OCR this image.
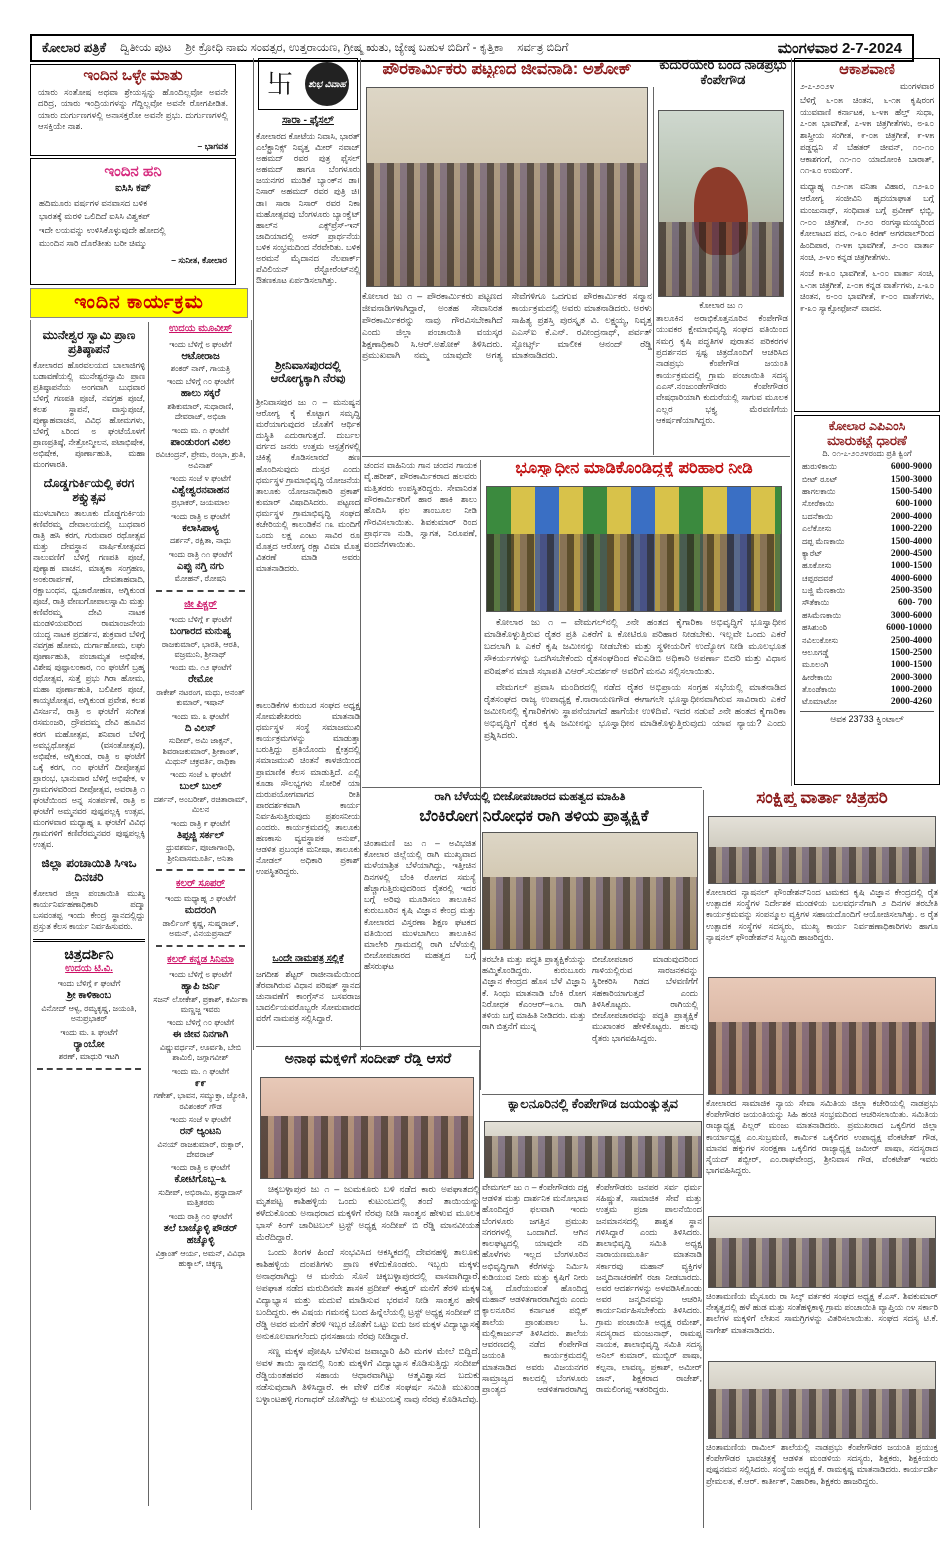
ಕೋಲಾರ ಪತ್ರಿಕೆ ದ್ವಿತೀಯ ಪುಟ ಶ್ರೀ ಕ್ರೋಧಿ ನಾಮ ಸಂವತ್ಸರ, ಉತ್ತರಾಯಣ, ಗ್ರೀಷ್ಮ ಋತು, ಜ್ಯೇಷ್ಠ ಬಹುಳ ಬಿದಿಗೆ - ಕೃತ್ತಿಕಾ ಸರ್ವತ್ರ ಬಿದಿಗೆ	ಮಂಗಳವಾರ 2-7-2024
ಇಂದಿನ ಒಳ್ಳೇ ಮಾತು
ಯಾರು ಸಂತೋಷ ಅಥವಾ ಶ್ರೇಯಸ್ಸನ್ನು ಹೊಂದಿಲ್ಲವೋ ಅವನೇ ದರಿದ್ರ, ಯಾರು ಇಂದ್ರಿಯಗಳನ್ನು ಗೆದ್ದಿಲ್ಲವೋ ಅವನೇ ರೋಗಪೀಡಿತ. ಯಾರು ದುರ್ಗುಣಗಳಲ್ಲಿ ಅನಾಸಕ್ತರೋ ಅವನೇ ಪ್ರಭು. ದುರ್ಗುಣಗಳಲ್ಲಿ ಆಸಕ್ತಿಯೇ ನಾಶ.
– ಭಾಗವತ
ಇಂದಿನ ಹನಿ
ಐಸಿಸಿ ಕಪ್
ಹದಿಮೂರು ವರ್ಷಗಳ ವನವಾಸದ ಬಳಿಕ
ಭಾರತಕ್ಕೆ ಮರಳಿ ಒಲಿದಿದೆ ಐಸಿಸಿ ವಿಶ್ವಕಪ್
ಇದೇ ಲಯವನ್ನು ಉಳಿಸಿಕೊಳ್ಳುವುದೇ ಹೋದಲ್ಲಿ
ಮುಂದಿನ ಸಾರಿ ದೊರೆತೀತು ಬರೀ ಚಿಮ್ಮು
– ಸುನೀತ, ಕೋಲಾರ
ಇಂದಿನ ಕಾರ್ಯಕ್ರಮ
ಮುನೇಶ್ವರ ಸ್ವಾಮಿ ಪ್ರಾಣ ಪ್ರತಿಷ್ಠಾಪನೆ
ಕೋಲಾರದ ಹೊರವಲಯದ ಬಾಲಾಜಿಗಳ್ಳಿ ಬಡಾವಣೆಯಲ್ಲಿ ಮುನೇಶ್ವರಸ್ವಾಮಿ ಪ್ರಾಣ ಪ್ರತಿಷ್ಠಾಪನೆಯ ಅಂಗವಾಗಿ ಬುಧವಾರ ಬೆಳಿಗ್ಗೆ ಗಣಪತಿ ಪೂಜೆ, ನವಗ್ರಹ ಪೂಜೆ, ಕಲಶ ಸ್ಥಾಪನೆ, ವಾಸ್ತುಪೂಜೆ, ಪುಣ್ಯಾಹವಾಚನ, ವಿವಿಧ ಹೋಮಗಳು, ಬೆಳಿಗ್ಗೆ ೬ರಿಂದ ೮ ಘಂಟೆಯೊಳಗೆ ಪ್ರಾಣಪ್ರತಿಷ್ಠೆ, ನೇತ್ರೋನ್ಮೀಲನ, ಪಟಾಭಿಷೇಕ, ಅಭಿಷೇಕ, ಪೂರ್ಣಾಹುತಿ, ಮಹಾ ಮಂಗಳಾರತಿ.
ದೊಡ್ಡಗುರ್ಕಿಯಲ್ಲಿ ಕರಗ ಶಕ್ತ್ಯುತ್ಸವ
ಮುಳಬಾಗಿಲು ತಾಲೂಕು ದೊಡ್ಡಗುರ್ಕಿಯ ಕಣಿವೆರಮ್ಮ ದೇವಾಲಯದಲ್ಲಿ ಬುಧವಾರ ರಾತ್ರಿ ಹಸಿ ಕರಗ, ಗುರುವಾರ ರಥೋತ್ಸವ ಮತ್ತು ದೇವಸ್ಥಾನ ವಾರ್ಷಿಕೋತ್ಸವದ ನಾಲುವಣಿಗೆ ಬೆಳಿಗ್ಗೆ ಗಣಪತಿ ಪೂಜೆ, ಪುಣ್ಯಾಹ ವಾಚನ, ಮಾತೃಕಾ ಸಂಗ್ರಹಣ, ಅಂಕುರಾರ್ಪಣೆ, ದೇವತಾಹವಾದಿ, ರಕ್ಷಾಬಂಧನ, ಧ್ವಜಾರೋಹಣ, ಅಗ್ನಿಕುಂಡ ಪೂಜೆ, ರಾತ್ರಿ ವೇಣುಗೋಪಾಲಸ್ವಾಮಿ ಮತ್ತು ಕಣಿವೆರಮ್ಮ ದೇವಿ ನಾಟಕ ಮಂಡಳಿಯವರಿಂದ ರಾಮಾಂಜನೇಯ ಯುದ್ಧ ನಾಟಕ ಪ್ರದರ್ಶನ, ಶುಕ್ರವಾರ ಬೆಳಿಗ್ಗೆ ನವಗ್ರಹ ಹೋಮ, ದುರ್ಗಾಹೋಮ, ಲಘು ಪೂರ್ಣಾಹುತಿ, ಪಂಚಾಮೃತ ಅಭಿಷೇಕ, ವಿಶೇಷ ಪುಷ್ಪಾಲಂಕಾರ, ೧೦ ಘಂಟೆಗೆ ಬ್ರಹ್ಮ ರಥೋತ್ಸವ, ಸುತ್ತೆ ಪ್ರಭು ಗಿರಾ ಹೋಮ, ಮಹಾ ಪೂರ್ಣಾಹುತಿ, ಬಲಿಪೀಠ ಪೂಜೆ, ಕಾಯ್ಕಟೋತ್ಸವ, ಅಗ್ನಿಕುಂಡ ಪ್ರವೇಶ, ಕಲಶ ವಿಸರ್ಜನೆ, ರಾತ್ರಿ ೮ ಘಂಟೆಗೆ ಸಂಗೀತ ರಸಮಂಜರಿ, ದ್ರೌಪದಮ್ಮ ದೇವಿ ಹೂವಿನ ಕರಗ ಮಹೋತ್ಸವ, ಶನಿವಾರ ಬೆಳಿಗ್ಗೆ ಅವಭೃಥೋತ್ಸವ (ವಸಂತೋತ್ಸವ), ಅಭಿಷೇಕ, ಅಗ್ನಿಕುಂಡ, ರಾತ್ರಿ ೮ ಘಂಟೆಗೆ ಒಕ್ಕೆ ಕರಗ, ೧೦ ಘಂಟೆಗೆ ದೀಪೋತ್ಸವ ಪ್ರಾರಂಭ, ಭಾನುವಾರ ಬೆಳಿಗ್ಗೆ ಅಭಿಷೇಕ, ೪ ಗ್ರಾಮಗಳವರಿಂದ ದೀಪೋತ್ಸವ, ಅವರಾತ್ರಿ ೧ ಘಂಟೆಯಿಂದ ಅನ್ನ ಸಂತರ್ಪಣೆ, ರಾತ್ರಿ ೮ ಘಂಟೆಗೆ ಅಮ್ಮನವರ ಪುಷ್ಪಪಲ್ಲಕ್ಕಿ ಉತ್ಸವ, ಮಂಗಳವಾರ ಮಧ್ಯಾಹ್ನ ೩ ಘಂಟೆಗೆ ವಿವಿಧ ಗ್ರಾಮಗಳಿಗೆ ಕಣಿವೆರಮ್ಮನವರ ಪುಷ್ಪಪಲ್ಲಕ್ಕಿ ಉತ್ಸವ.
ಜಿಲ್ಲಾ ಪಂಚಾಯಿತಿ ಸಿಇಒ ದಿನಚರಿ
ಕೋಲಾರ ಜಿಲ್ಲಾ ಪಂಚಾಯಿತಿ ಮುಖ್ಯ ಕಾರ್ಯನಿರ್ವಹಣಾಧಿಕಾರಿ ಪದ್ಮಾ ಬಸವಂತಪ್ಪ ಇಂದು ಕೇಂದ್ರ ಸ್ಥಾನದಲ್ಲಿದ್ದು ಪ್ರಸ್ತುತ ಕೆಲಸ ಕಾರ್ಯ ನಿರ್ವಹಿಸುವರು.
ಚಿತ್ರದರ್ಶಿನಿ
ಉದಯ ಟಿ.ವಿ.
ಇಂದು ಬೆಳಿಗ್ಗೆ ೯ ಘಂಟೆಗೆ
ಶ್ರೀ ಕಾಳಿಕಾಂಬ
ವಿನೋದ್ ಆಳ್ವ, ರಮ್ಯಕೃಷ್ಣ, ಜಯಂತಿ, ಅನುಪ್ರಭಾಕರ್
ಇಂದು ಮ. ೩ ಘಂಟೆಗೆ
ರ‍್ಯಾಂಬೋ
ಶರಣ್, ಮಾಧುರಿ ಇಟಗಿ
ಉದಯ ಮೂವೀಸ್
ಇಂದು ಬೆಳಿಗ್ಗೆ ೮ ಘಂಟೆಗೆ
ಆಟೋರಾಜ
ಶಂಕರ್ ನಾಗ್, ಗಾಯತ್ರಿ
ಇಂದು ಬೆಳಿಗ್ಗೆ ೧೦ ಘಂಟೆಗೆ
ಹಾಲು ಸಕ್ಕರೆ
ಶಶಿಕುಮಾರ್, ಸುಧಾರಾಣಿ, ದೇವರಾಜ್, ಅಭಿಜಾ
ಇಂದು ಮ. ೧ ಘಂಟೆಗೆ
ಪಾಂಡುರಂಗ ವಿಠಲ
ರವಿಚಂದ್ರನ್, ಪ್ರೇಮ, ರಂಭಾ, ಶ್ರುತಿ, ಅವಿನಾಶ್
ಇಂದು ಸಂಜೆ ೪ ಘಂಟೆಗೆ
ವಿಶ್ವೇಶ್ವರನವಾಹನ
ಪ್ರಭಾಕರ್, ಜಯಮಾಲ
ಇಂದು ರಾತ್ರಿ ೮ ಘಂಟೆಗೆ
ಕಲಾಸಿಪಾಳ್ಯ
ದರ್ಶನ್, ರಕ್ಷಿತಾ, ನಾಧು
ಇಂದು ರಾತ್ರಿ ೧೧ ಘಂಟೆಗೆ
ಎಪ್ಪು ನಗ್ತಿ ನಗು
ಮೋಹನ್, ರೋಷನಿ
ಜೀ ಪಿಕ್ಚರ್
ಇಂದು ಬೆಳಿಗ್ಗೆ ೯ ಘಂಟೆಗೆ
ಬಂಗಾರದ ಮನುಷ್ಯ
ರಾಜಕುಮಾರ್, ಭಾರತಿ, ಆರತಿ, ವಜ್ರಮುನಿ, ಶ್ರೀನಾಥ್
ಇಂದು ಮ. ೧೨ ಘಂಟೆಗೆ
ರೇಮೋ
ರಾಕೇಶ್ ನಟರಂಗ, ಮಧು, ಅನಂತ್ ಕುಮಾರ್, ಇಷಾನ್
ಇಂದು ಮ. ೩ ಘಂಟೆಗೆ
ದಿ ವಿಲನ್
ಸುದೀಪ್, ಅಮಿ ಜಾಕ್ಸನ್, ಶಿವರಾಜಕುಮಾರ್, ಶ್ರೀಕಾಂತ್, ಮಿಥುನ್ ಚಕ್ರವರ್ತಿ, ರಾಧಿಕಾ
ಇಂದು ಸಂಜೆ ೬ ಘಂಟೆಗೆ
ಬುಲ್ ಬುಲ್
ದರ್ಶನ್, ಅಂಬರೀಶ್, ರಚಿತಾರಾಮ್, ಮಿಲನ
ಇಂದು ರಾತ್ರಿ ೯ ಘಂಟೆಗೆ
ತಿಪ್ಪಜ್ಜಿ ಸರ್ಕಲ್
ಧ್ರುವಶರ್ಮ, ಪೂಜಾಗಾಂಧಿ, ಶ್ರೀನಿವಾಸಮೂರ್ತಿ, ಅನಿತಾ
ಕಲರ್ ಸೂಪರ್
ಇಂದು ಮಧ್ಯಾಹ್ನ ೨ ಘಂಟೆಗೆ
ಮದರಂಗಿ
ಡಾರ್ಲಿಂಗ್ ಕೃಷ್ಣ, ಸುಷ್ಮರಾಜ್, ಅಮನ್, ವಿನಯಪ್ರಸಾದ್
ಕಲರ್ ಕನ್ನಡ ಸಿನಿಮಾ
ಇಂದು ಬೆಳಿಗ್ಗೆ ೮ ಘಂಟೆಗೆ
ಹ್ಯಾಪಿ ಜರ್ನಿ
ಸಜನ್ ಲೋಕೇಶ್, ಪ್ರಕಾಶ್, ಕರ್ಮಿಕಾ ಮಣ್ಣಜ್ಜ ಇವರು
ಇಂದು ಬೆಳಿಗ್ಗೆ ೧೦ ಘಂಟೆಗೆ
ಈ ಜೀವ ನಿನಗಾಗಿ
ವಿಷ್ಣುವರ್ಧನ್, ಊರ್ವಶಿ, ಬೇಬಿ ಶಾಮಿಲಿ, ಜಗ್ಗಾಗವೀಶ್
ಇಂದು ಮ. ೧ ಘಂಟೆಗೆ
೯೯
ಗಣೇಶ್, ಭಾವನ, ಸಮ್ಯುಕ್ತಾ, ಜ್ಯೋತಿ, ರವಿಶಂಕರ್ ಗೌಡ
ಇಂದು ಸಂಜೆ ೪ ಘಂಟೆಗೆ
ರನ್ ಆ್ಯಂಟನಿ
ವಿನಯ್ ರಾಜಕುಮಾರ್, ರುಕ್ಸಾರ್, ದೇವರಾಜ್
ಇಂದು ರಾತ್ರಿ ೮ ಘಂಟೆಗೆ
ಕೋಟಿಗೊಬ್ಬ–೩
ಸುದೀಪ್, ಅಭಿರಾಮಿ, ಶ್ರದ್ಧಾದಾಸ್ ಮತ್ತಿತರರು
ಇಂದು ರಾತ್ರಿ ೧೦ ಘಂಟೆಗೆ
ತಲೆ ಬಾಚ್ಕೊಳ್ಳಿ ಪೌಡರ್ ಹಚ್ಕೊಳ್ಳಿ
ವಿಕ್ರಾಂತ್ ಆರ್ಯ, ಅಮನ್, ವಿವಿಧಾ ಹುಕ್ಕಾಲ್, ಚಿಕ್ಕಣ್ಣ
卐	ಶುಭ ವಿವಾಹ
ಸಾರಾ - ಫೈಸಲ್
ಕೋಲಾರದ ಕೋಟೆಯ ನಿವಾಸಿ, ಭಾರತ್ ಎಲೆಕ್ಟ್ರಾನಿಕ್ಸ್ ನಿವೃತ್ತ ಮೀರ್ ನವಾಜ್ ಅಹಮದ್ ರವರ ಪುತ್ರ ಫೈಸಲ್ ಅಹಮದ್ ಹಾಗೂ ಬೆಂಗಳೂರು ಜಯನಗರ ಮುಡಿಕೆ ಬ್ಯಾಂಕ್‌ನ ಡಾ। ನಿಸಾರ್ ಅಹಮದ್ ರವರ ಪುತ್ರಿ ಚಿ। ಡಾ। ಸಾರಾ ನಿಸಾರ್ ರವರ ನಿಕಾ ಮಹೋತ್ಸವವು ಬೆಂಗಳೂರು ಬ್ಯಾಂಕ್ವೆಟ್ ಹಾಲ್‌ನ ಎಕ್ಸ್‌ಪ್ರೆಸ್-ಇನ್ ಜಾದಿಯಾದಲ್ಲಿ ಅಸರ್ ಪ್ರಾರ್ಥನೆಯ ಬಳಿಕ ಸಂಭ್ರಮದಿಂದ ನೆರವೇರಿತು. ಬಳಿಕ ಅರಮನೆ ಮೈದಾನದ ನೆಲಪಾರ್ಕ್ ಪೆವಿಲಿಯನ್ ರೆಸ್ಟೋರೆಂಟ್‌ನಲ್ಲಿ ಔತಣಕೂಟ ಏರ್ಪಡಿಸಲಾಗಿತ್ತು.
ಶ್ರೀನಿವಾಸಪುರದಲ್ಲಿ ಆರೋಗ್ಯಕ್ಕಾಗಿ ನೆರವು
ಶ್ರೀನಿವಾಸಪುರ ಜು ೧ – ಮನುಷ್ಯನ ಆರೋಗ್ಯ ಕೈ ಕೊಟ್ಟಾಗ ಸಮೃದ್ಧಿ ಮರೆಯಾಗುವುದರ ಜೊತೆಗೆ ಆರ್ಥಿಕ ದುಸ್ಥಿತಿ ಎದುರಾಗುತ್ತದೆ. ದುರ್ಬಲ ವರ್ಗದ ಜನರು ಉತ್ತಮ ಆಸ್ಪತ್ರೆಗಳಲ್ಲಿ ಚಿಕಿತ್ಸೆ ಕೊಡಿಸಲಾರದೆ ಹಣ ಹೊಂದಿಸುವುದು ದುಸ್ತರ ಎಂದು ಧರ್ಮಸ್ಥಳ ಗ್ರಾಮಾಭಿವೃದ್ಧಿ ಯೋಜನೆಯ ತಾಲೂಕು ಯೋಜನಾಧಿಕಾರಿ ಪ್ರಕಾಶ್ ಕುಮಾರ್ ವಿಷಾದಿಸಿದರು. ಪಟ್ಟಣದ ಧರ್ಮಸ್ಥಳ ಗ್ರಾಮಾಭಿವೃದ್ಧಿ ಸಂಘದ ಕಚೇರಿಯಲ್ಲಿ ಕಾಲುಡಿಕೆನ ೧೩ ಮಂದಿಗೆ ಒಂದು ಲಕ್ಷ ಎಂಟು ಸಾವಿರ ರೂ ಮೊತ್ತದ ಆರೋಗ್ಯ ರಕ್ಷಾ ವಿಮಾ ಮೊತ್ತ ವಿತರಣೆ ಮಾಡಿ ಅವರು ಮಾತನಾಡಿದರು.
ಕಾಲುಡಿಕೆಗಳ ಕುರುಬರ ಸಂಘದ ಅಧ್ಯಕ್ಷ ಸೋಮಶೇಖರರು ಮಾತನಾಡಿ ಧರ್ಮಸ್ಥಳ ಸಂಸ್ಥೆ ಸಮಾಜಮುಖಿ ಕಾರ್ಯಕ್ರಮಗಳನ್ನು ಮಾಡುತ್ತಾ ಬರುತ್ತಿದ್ದು ಪ್ರತಿಯೊಂದು ಕ್ಷೇತ್ರದಲ್ಲಿ ಸಮಾಜಮುಖಿ ಚಿಂತನೆ ಕಾಳಜಿಯಿಂದ ಪ್ರಾಮಾಣಿಕ ಕೆಲಸ ಮಾಡುತ್ತಿದೆ. ಎಲ್ಲಿ ಕೂಡಾ ಸೌಲಭ್ಯಗಳು ಸೋರಿಕೆ ಯಾ ದುರುಪಯೋಗವಾಗದ ರೀತಿ ಪಾರದರ್ಶಕವಾಗಿ ಕಾರ್ಯ ನಿರ್ವಹಿಸುತ್ತಿರುವುದು ಪ್ರಶಂಸನೀಯ ಎಂದರು. ಕಾರ್ಯಕ್ರಮದಲ್ಲಿ ತಾಲೂಕು ಹಣಕಾಸು ವ್ಯವಸ್ಥಾಪಕ ಅನುಪ್, ಆಡಳಿತ ಪ್ರಬಂಧಕ ಮನೀಷಾ, ತಾಲೂಕು ನೋಡಲ್ ಅಧಿಕಾರಿ ಪ್ರಕಾಶ್ ಉಪಸ್ಥಿತರಿದ್ದರು.
ಒಂದೇ ನಾಮಪತ್ರ ಸಲ್ಲಿಕೆ
ಜಗದೀಶ ಶೆಟ್ಟರ್ ರಾಜೀನಾಮೆಯಿಂದ ತೆರವಾಗಿರುವ ವಿಧಾನ ಪರಿಷತ್ ಸ್ಥಾನದ ಚುನಾವಣೆಗೆ ಕಾಂಗ್ರೆಸ್‌ನ ಬಸವರಾಜ ಬಾದರ್ಲಿಯವರೊಬ್ಬರೇ ಸೋಮವಾರದ ವರೆಗೆ ನಾಮಪತ್ರ ಸಲ್ಲಿಸಿದ್ದಾರೆ.
ಪೌರಕಾರ್ಮಿಕರು ಪಟ್ಟಣದ ಜೀವನಾಡಿ: ಅಶೋಕ್
ಕೋಲಾರ ಜು ೧ – ಪೌರಕಾರ್ಮಿಕರು ಪಟ್ಟಣದ ಜೀವನಾಡಿಗಳಾಗಿದ್ದಾರೆ, ಅಂತಹ ಸೇವಾನಿರತ ಪೌರಕಾರ್ಮಿಕರನ್ನು ನಾವು ಗೌರವಿಸಬೇಕಾಗಿದೆ ಎಂದು ಜಿಲ್ಲಾ ಪಂಚಾಯಿತಿ ವಯಸ್ಕರ ಶಿಕ್ಷಣಾಧಿಕಾರಿ ಸಿ.ಆರ್.ಅಶೋಕ್ ತಿಳಿಸಿದರು. ಪ್ರಮುಖವಾಗಿ ನಮ್ಮ ಯಾವುದೇ ಅಗತ್ಯ ಸೇವೆಗಳಿಗೂ ಒದಗುವ ಪೌರಕಾರ್ಮಿಕರ ಸನ್ಮಾನ ಕಾರ್ಯಕ್ರಮದಲ್ಲಿ ಅವರು ಮಾತನಾಡಿದರು. ಅರಳು ಸಾಹಿತ್ಯ ಪ್ರಶಸ್ತಿ ಪುರಸ್ಕೃತ ವಿ. ಲಕ್ಷ್ಮಯ್ಯ, ನಿವೃತ್ತ ಎಎಸ್‌ಐ ಕೆ.ಎನ್. ರವೀಂದ್ರನಾಥ್, ಪರ್ವತ್ ಸ್ಪೋರ್ಟ್ಸ್ ಮಾಲೀಕ ಆನಂದ್ ರೆಡ್ಡಿ ಮಾತನಾಡಿದರು.
ಚಂದನ ವಾಹಿನಿಯ ಗಾನ ಚಂದನ ಗಾಯಕ ವೈ.ಹರೀಶ್, ಪೌರಕಾರ್ಮಿಕರಾದ ಹಲವರು ಮತ್ತಿತರರು ಉಪಸ್ಥಿತರಿದ್ದರು. ಸೇವಾನಿರತ ಪೌರಕಾರ್ಮಿಕರಿಗೆ ಹಾರ ಹಾಕಿ ಶಾಲು ಹೊದಿಸಿ ಫಲ ತಾಂಬೂಲ ನೀಡಿ ಗೌರವಿಸಲಾಯಿತು. ಶಿವಕುಮಾರ್ ರಿಂದ ಪ್ರಾರ್ಥನಾ ನುಡಿ, ಸ್ವಾಗತ, ನಿರೂಪಣೆ, ವಂದನೆಗಳಾಯಿತು.
ಕುದುರೆಯೇರಿ ಬಂದ ನಾಡಪ್ರಭು ಕೆಂಪೇಗೌಡ
ಕೋಲಾರ ಜು ೧
ತಾಲೂಕಿನ ಅರಾಭಿಕೊತ್ತನೂರಿನ ಕೆಂಪೇಗೌಡ ಯುವಕರ ಕ್ಷೇಮಾಭಿವೃದ್ಧಿ ಸಂಘದ ವತಿಯಿಂದ ಸಮಗ್ರ ಕೃಷಿ ಪದ್ಧತಿಗಳ ಪುರಾತನ ಪರಿಕರಗಳ ಪ್ರದರ್ಶನದ ಸ್ಪಷ್ಟ ಚಿತ್ರದೊಂದಿಗೆ ಆಚರಿಸಿದ ನಾಡಪ್ರಭು ಕೆಂಪೇಗೌಡ ಜಯಂತಿ ಕಾರ್ಯಕ್ರಮದಲ್ಲಿ ಗ್ರಾಮ ಪಂಚಾಯಿತಿ ಸದಸ್ಯ ಎಎಸ್.ನಂಜುಂಡೇಗೌಡರು ಕೆಂಪೇಗೌಡರ ವೇಷಧಾರಿಯಾಗಿ ಕುದುರೆಯಲ್ಲಿ ಸಾಗುವ ಮೂಲಕ ಎಲ್ಲರ ಭಕ್ತ್ಯ ಮೆರವಣಿಗೆಯ ಆಕರ್ಷಣೆಯಾಗಿದ್ದರು.
ಭೂಸ್ವಾಧೀನ ಮಾಡಿಕೊಂಡಿದ್ದಕ್ಕೆ ಪರಿಹಾರ ನೀಡಿ

ಕೋಲಾರ ಜು ೧ – ವೇಮಗಲ್‌ನಲ್ಲಿ ೨ನೇ ಹಂತದ ಕೈಗಾರಿಕಾ ಅಭಿವೃದ್ಧಿಗೆ ಭೂಸ್ವಾಧೀನ ಮಾಡಿಕೊಳ್ಳುತ್ತಿರುವ ರೈತರ ಪ್ರತಿ ಎಕರೆಗೆ ೩ ಕೋಟಿರೂ ಪರಿಹಾರ ನೀಡಬೇಕು. ಇಲ್ಲವೇ ಒಂದು ಎಕರೆ ಬದಲಾಗಿ ೩ ಎಕರೆ ಕೃಷಿ ಜಮೀನನ್ನು ನೀಡಬೇಕು ಮತ್ತು ಸ್ಥಳೀಯರಿಗೆ ಉದ್ಯೋಗ ನೀಡಿ ಮೂಲಭೂತ ಸೌಕರ್ಯಗಳನ್ನು ಒದಗಿಸಬೇಕೆಂದು ರೈತಸಂಘದಿಂದ ಕೆಐಎಡಿಬಿ ಅಧಿಕಾರಿ ಅಪರ್ಣಾ ಬಿದರಿ ಮತ್ತು ವಿಧಾನ ಪರಿಷತ್‌ನ ಮಾಜಿ ಸಭಾಪತಿ ವಿಆರ್.ಸುದರ್ಶನ್ ಅವರಿಗೆ ಮನವಿ ಸಲ್ಲಿಸಲಾಯಿತು.

ವೇಮಗಲ್ ಪ್ರವಾಸಿ ಮಂದಿರದಲ್ಲಿ ನಡೆದ ರೈತರ ಅಭಿಪ್ರಾಯ ಸಂಗ್ರಹ ಸಭೆಯಲ್ಲಿ ಮಾತನಾಡಿದ ರೈತಸಂಘದ ರಾಜ್ಯ ಉಪಾಧ್ಯಕ್ಷ ಕೆ.ನಾರಾಯಣಗೌಡ ಈಗಾಗಲೇ ಭೂಸ್ವಾಧೀನವಾಗಿರುವ ಸಾವಿರಾರು ಎಕರೆ ಜಮೀನಿನಲ್ಲಿ ಕೈಗಾರಿಕೆಗಳು ಸ್ಥಾಪನೆಯಾಗದೆ ಹಾಗೆಯೇ ಉಳಿದಿವೆ. ಇದರ ನಡುವೆ ೨ನೇ ಹಂತದ ಕೈಗಾರಿಕಾ ಅಭಿವೃದ್ಧಿಗೆ ರೈತರ ಕೃಷಿ ಜಮೀನನ್ನು ಭೂಸ್ವಾಧೀನ ಮಾಡಿಕೊಳ್ಳುತ್ತಿರುವುದು ಯಾವ ನ್ಯಾಯ? ಎಂದು ಪ್ರಶ್ನಿಸಿದರು.

ರಾಗಿ ಬೆಳೆಯಲ್ಲಿ ಬೀಜೋಪಚಾರದ ಮಹತ್ವದ ಮಾಹಿತಿ
ಬೆಂಕಿರೋಗ ನಿರೋಧಕ ರಾಗಿ ತಳಿಯ ಪ್ರಾತ್ಯಕ್ಷಿಕೆ
ಚಿಂತಾಮಣಿ ಜು ೧ – ಅವಿಭಜಿತ ಕೋಲಾರ ಜಿಲ್ಲೆಯಲ್ಲಿ ರಾಗಿ ಮುಖ್ಯವಾದ ಮಳೆಯಾಶ್ರಿತ ಬೆಳೆಯಾಗಿದ್ದು, ಇತ್ತೀಚಿನ ದಿನಗಳಲ್ಲಿ ಬೆಂಕಿ ರೋಗದ ಸಮಸ್ಯೆ ಹೆಚ್ಚಾಗುತ್ತಿರುವುದರಿಂದ ರೈತರಲ್ಲಿ ಇದರ ಬಗ್ಗೆ ಅರಿವು ಮೂಡಿಸಲು ತಾಲೂಕಿನ ಕುರುಬೂರಿನ ಕೃಷಿ ವಿಜ್ಞಾನ ಕೇಂದ್ರ ಮತ್ತು ಕೋಲಾರದ ವಿಸ್ತರಣಾ ಶಿಕ್ಷಣ ಘಟಕದ ವತಿಯಿಂದ ಮುಳಬಾಗಿಲು ತಾಲೂಕಿನ ಮಾಲೇರಿ ಗ್ರಾಮದಲ್ಲಿ ರಾಗಿ ಬೆಳೆಯಲ್ಲಿ ಬೀಜೋಪಚಾರದ ಮಹತ್ವದ ಬಗ್ಗೆ ಹೆಸರುಘಟ
ತರಬೇತಿ ಮತ್ತು ಪದ್ಧತಿ ಪ್ರಾತ್ಯಕ್ಷಿಕೆಯನ್ನು ಹಮ್ಮಿಕೊಂಡಿದ್ದರು. ಕುರುಬೂರು ವಿಜ್ಞಾನ ಕೇಂದ್ರದ ಹೊಸ ಬೆಳೆ ವಿಜ್ಞಾನಿ ಕೆ. ಸಿಂಧು ಮಾತನಾಡಿ ಬೆಂಕಿ ರೋಗ ನಿರೋಧಕ ಕೆಎಂಆರ್–೩೧೬ ರಾಗಿ ತಳಿಯ ಬಗ್ಗೆ ಮಾಹಿತಿ ನೀಡಿದರು. ಮತ್ತು ರಾಗಿ ಬಿತ್ತನೆಗೆ ಮುನ್ನ
ಬೀಜೋಪಚಾರ ಮಾಡುವುದರಿಂದ ಗಾಳಿಯಲ್ಲಿರುವ ಸಾರಜನಕವನ್ನು ಸ್ಥಿರೀಕರಿಸಿ ಗಿಡದ ಬೆಳವಣಿಗೆಗೆ ಸಹಕಾರಿಯಾಗುತ್ತದೆ ಎಂದು ತಿಳಿಸಿಕೊಟ್ಟರು. ರಾಗಿಯಲ್ಲಿ ಬೀಜೋಪಚಾರವನ್ನು ಪದ್ಧತಿ ಪ್ರಾತ್ಯಕ್ಷಿಕೆ ಮುಖಾಂತರ ಹೇಳಿಕೊಟ್ಟರು. ಹಲವು ರೈತರು ಭಾಗವಹಿಸಿದ್ದರು.
ಅನಾಥ ಮಕ್ಕಳಿಗೆ ಸಂದೀಪ್ ರೆಡ್ಡಿ ಆಸರೆ

ಚಿಕ್ಕಬಳ್ಳಾಪುರ ಜು ೧ – ಜುಮಕೂರು ಬಳಿ ನಡೆದ ಕಾರು ಅಪಘಾತದಲ್ಲಿ ಮೃತಪಟ್ಟ ಕಾಶಿಹಳ್ಳಿಯ ಒಂದು ಕುಟುಂಬದಲ್ಲಿ ತಂದೆ ತಾಯಿಯನ್ನು ಕಳೆದುಕೊಂಡು ಅನಾಥರಾದ ಮಕ್ಕಳಿಗೆ ನೆರವು ನೀಡಿ ಸಾಂತ್ವನ ಹೇಳುವ ಮೂಲಕ ಭಾಸ್ ಕಿಂಗ್ ಚಾರಿಟಬಲ್ ಟ್ರಸ್ಟ್ ಅಧ್ಯಕ್ಷ ಸಂದೀಪ್ ಬಿ ರೆಡ್ಡಿ ಮಾನವೀಯತೆ ಮೆರೆದಿದ್ದಾರೆ.

ಒಂದು ತಿಂಗಳ ಹಿಂದೆ ಸಂಭವಿಸಿದ ಆಕಸ್ಮಿಕದಲ್ಲಿ ದೇವನಹಳ್ಳಿ ತಾಲೂಕು ಕಾಶಿಹಳ್ಳಿಯ ದಂಪತಿಗಳು ಪ್ರಾಣ ಕಳೆದುಕೊಂಡರು. ಇಬ್ಬರು ಮಕ್ಕಳು ಅನಾಥರಾಗಿದ್ದು ಆ ಮನೆಯ ಸೊಸೆ ಚಿಕ್ಕಬಳ್ಳಾಪುರದಲ್ಲಿ ವಾಸವಾಗಿದ್ದಾರೆ. ಅಪಘಾತ ನಡೆದ ಮರುದಿನವೇ ಶಾಸಕ ಪ್ರದೀಪ್ ಈಶ್ವರ್ ಮನೆಗೆ ತೆರಳಿ ಮಕ್ಕಳ ವಿದ್ಯಾಭ್ಯಾಸ ಮತ್ತು ಮದುವೆ ಮಾಡಿಸುವ ಭರವಸೆ ನೀಡಿ ಸಾಂತ್ವನ ಹೇಳಿ ಬಂದಿದ್ದರು. ಈ ವಿಷಯ ಗಮನಕ್ಕೆ ಬಂದ ಹಿನ್ನೆಲೆಯಲ್ಲಿ ಟ್ರಸ್ಟ್ ಅಧ್ಯಕ್ಷ ಸಂದೀಪ್ ಬಿ ರೆಡ್ಡಿ ಅವರ ಮನೆಗೆ ತೆರಳಿ ಇಬ್ಬರ ಜೊತೆಗೆ ಒಟ್ಟು ಐದು ಜನ ಮಕ್ಕಳ ವಿದ್ಯಾಭ್ಯಾಸಕ್ಕೆ ಅನುಕೂಲವಾಗಲೆಂದು ಧನಸಹಾಯ ನೆರವು ನೀಡಿದ್ದಾರೆ.

ಸಣ್ಣ ಮಕ್ಕಳ ಪೋಷಿಸಿ ಬೆಳೆಸುವ ಜವಾಬ್ದಾರಿ ಹಿರಿ ಮಗಳ ಮೇಲೆ ಬಿದ್ದಿದೆ. ಅವಳ ತಾಯಿ ಸ್ಥಾನದಲ್ಲಿ ನಿಂತು ಮಕ್ಕಳಿಗೆ ವಿದ್ಯಾಭ್ಯಾಸ ಕೊಡಿಸುತ್ತಿದ್ದು ಸಂದೀಪ್ ರೆಡ್ಡಿಯಂತಹವರ ಸಹಾಯ ಆಧಾರವಾಗಿಟ್ಟು ಆತ್ಮವಿಶ್ವಾಸದ ಬದುಕು ನಡೆಸುವುದಾಗಿ ತಿಳಿಸಿದ್ದಾರೆ. ಈ ವೇಳೆ ದಲಿತ ಸಂಘರ್ಷ ಸಮಿತಿ ಮುಖಂಡ ಬಳ್ಳಾಂಟಹಳ್ಳಿ ಗಂಗಾಧರ್ ಜೊತೆಗಿದ್ದು ಆ ಕುಟುಂಬಕ್ಕೆ ನಾವು ನೆರವು ಕೊಡಿಸಿದೆವು.

ಕ್ಯಾಲನೂರಿನಲ್ಲಿ ಕೆಂಪೇಗೌಡ ಜಯಂತ್ಯುತ್ಸವ
ವೇಮಗಲ್ ಜು ೧ – ಕೆಂಪೇಗೌಡರು ದಕ್ಷ ಆಡಳಿತ ಮತ್ತು ದಾರ್ಶನಿಕ ಮನೋಭಾವ ಹೊಂದಿದ್ದರ ಫಲವಾಗಿ ಇಂದು ಬೆಂಗಳೂರು ಜಗತ್ತಿನ ಪ್ರಮುಖ ನಗರಗಳಲ್ಲಿ ಒಂದಾಗಿದೆ. ಆಗಿನ ಕಾಲಘಟ್ಟದಲ್ಲಿ ಯಾವುದೇ ನದಿ ಹೊಳೆಗಳು ಇಲ್ಲದ ಬೆಂಗಳೂರಿನ ಅಭಿವೃದ್ಧಿಗಾಗಿ ಕೆರೆಗಳನ್ನು ನಿರ್ಮಿಸಿ ಕುಡಿಯುವ ನೀರು ಮತ್ತು ಕೃಷಿಗೆ ನೀರು ನಿತ್ಯ ದೊರೆಯುವಂತೆ ಹೊಂದಿದ್ದ ಮಹಾನ್ ಆಡಳಿತಗಾರರಾಗಿದ್ದರು ಎಂದು ಕ್ಯಾಲನೂರಿನ ಕರ್ನಾಟಕ ಪಬ್ಲಿಕ್ ಶಾಲೆಯ ಪ್ರಾಂಶುಪಾಲ ಓ. ಮಲ್ಲಿಕಾರ್ಜುನ್ ತಿಳಿಸಿದರು. ಶಾಲೆಯ ಆವರಣದಲ್ಲಿ ನಡೆದ ಕೆಂಪೇಗೌಡ ಜಯಂತಿ ಕಾರ್ಯಕ್ರಮದಲ್ಲಿ ಮಾತನಾಡಿದ ಅವರು ವಿಜಯನಗರ ಸಾಮ್ರಾಜ್ಯದ ಕಾಲದಲ್ಲಿ ಬೆಂಗಳೂರು ಪ್ರಾಂತ್ಯದ ಆಡಳಿತಗಾರರಾಗಿದ್ದ ಕೆಂಪೇಗೌಡರು ಜನಪರ ಸರ್ವ ಧರ್ಮ ಸಹಿಷ್ಣುತೆ, ಸಾಮಾಜಿಕ ಸೇವೆ ಮತ್ತು ಉತ್ತಮ ಪ್ರಜಾ ಪಾಲನೆಯಿಂದ ಜನಮಾನಸದಲ್ಲಿ ಶಾಶ್ವತ ಸ್ಥಾನ ಗಳಿಸಿದ್ದಾರೆ ಎಂದು ತಿಳಿಸಿದರು. ಶಾಲಾಭಿವೃದ್ಧಿ ಸಮಿತಿ ಅಧ್ಯಕ್ಷ ನಾರಾಯಣಮೂರ್ತಿ ಮಾತನಾಡಿ ಸರ್ಕಾರವು ಮಹಾನ್ ವ್ಯಕ್ತಿಗಳ ಜನ್ಮದಿನಾಚರಣೆಗೆ ರಜಾ ನೀಡಬಾರದು. ಅವರ ಆದರ್ಶಗಳನ್ನು ಅಳವಡಿಸಿಕೊಂಡು ಅವರ ಜನ್ಮದಿನವನ್ನು ಆಚರಿಸಿ ಕಾರ್ಯನಿರ್ವಹಿಸಬೇಕೆಂದು ತಿಳಿಸಿದರು. ಗ್ರಾಮ ಪಂಚಾಯಿತಿ ಅಧ್ಯಕ್ಷ ರಮೇಶ್, ಸದಸ್ಯರಾದ ಮಂಜುನಾಥ್, ರಾಮಪ್ಪ ನಾಯಕ, ಶಾಲಾಭಿವೃದ್ಧಿ ಸಮಿತಿ ಸದಸ್ಯ ಅನಿಲ್ ಕುಮಾರ್, ಮುಬ್ಬಿರ್ ಪಾಷಾ, ಕಲ್ಪನಾ, ಲಾವಣ್ಯ, ಪ್ರಕಾಶ್, ಅಮೀರ್ ಜಾನ್, ಶಿಕ್ಷಕರಾದ ರಾಜೇಶ್, ರಾಮಲಿಂಗಪ್ಪ ಇತರರಿದ್ದರು.
ಸಂಕ್ಷಿಪ್ತ ವಾರ್ತಾ ಚಿತ್ರಹರಿ
ಕೋಲಾರದ ನ್ಯಾಷನಲ್ ಫೌಂಡೇಶನ್‌ನಿಂದ ಟಮಕದ ಕೃಷಿ ವಿಜ್ಞಾನ ಕೇಂದ್ರದಲ್ಲಿ ರೈತ ಉತ್ಪಾದಕ ಸಂಸ್ಥೆಗಳ ನಿರ್ದೇಶಕ ಮಂಡಳಿಯ ಬಲವರ್ಧನೆಗಾಗಿ ೨ ದಿನಗಳ ತರಬೇತಿ ಕಾರ್ಯಕ್ರಮವನ್ನು ಸಂಪನ್ಮೂಲ ವ್ಯಕ್ತಿಗಳ ಸಹಾಯದೊಂದಿಗೆ ಆಯೋಜಿಸಲಾಗಿತ್ತು. ೮ ರೈತ ಉತ್ಪಾದಕ ಸಂಸ್ಥೆಗಳ ಸದಸ್ಯರು, ಮುಖ್ಯ ಕಾರ್ಯ ನಿರ್ವಹಣಾಧಿಕಾರಿಗಳು ಹಾಗೂ ನ್ಯಾಷನಲ್ ಫೌಂಡೇಶನ್‌ನ ಸಿಬ್ಬಂದಿ ಹಾಜರಿದ್ದರು.
ಕೋಲಾರದ ಸಾಮಾಜಿಕ ನ್ಯಾಯ ಸೇವಾ ಸಮಿತಿಯ ಜಿಲ್ಲಾ ಕಚೇರಿಯಲ್ಲಿ ನಾಡಪ್ರಭು ಕೆಂಪೇಗೌಡರ ಜಯಂತಿಯನ್ನು ಸಿಹಿ ಹಂಚಿ ಸಂಭ್ರಮದಿಂದ ಆಚರಿಸಲಾಯಿತು. ಸಮಿತಿಯ ರಾಜ್ಯಾಧ್ಯಕ್ಷ ಪಿಲ್ಲರ್ ಮಂಜು ಮಾತನಾಡಿದರು. ಪ್ರಮುಖರಾದ ಒಕ್ಕಲಿಗರ ಜಿಲ್ಲಾ ಕಾರ್ಯಾಧ್ಯಕ್ಷ ಎಂ.ಸುಬ್ರಮಣಿ, ಕಾರ್ಮಿಕ ಒಕ್ಕಲಿಗರ ಉಪಾಧ್ಯಕ್ಷ ವೆಂಕಟೇಶ್ ಗೌಡ, ಮಾನವ ಹಕ್ಕುಗಳ ಸಂರಕ್ಷಣಾ ಒಕ್ಕಲಿಗರ ರಾಜ್ಯಾಧ್ಯಕ್ಷ ಜಮೀರ್ ಪಾಷಾ, ಸದಸ್ಯರಾದ ಸೈಯದ್ ಶಬ್ಬೀರ್, ಎಂ.ರಾಘವೇಂದ್ರ, ಶ್ರೀನಿವಾಸ ಗೌಡ, ವೆಂಕಟೇಶ್ ಇವರು ಭಾಗವಹಿಸಿದ್ದರು.
ಚಿಂತಾಮಣಿಯ ಮೈಸೂರು ರಾ ಸಿಲ್ಕ್ ವರ್ತಕರ ಸಂಘದ ಅಧ್ಯಕ್ಷ ಕೆ.ಎಸ್. ಶಿವಕುಮಾರ್ ನೇತೃತ್ವದಲ್ಲಿ ಹಳೆ ಹುಡ ಮತ್ತು ಸಂತೆಹಳ್ಳಿಕಾಳ್ಳಿ ಗ್ರಾಮ ಪಂಚಾಯಿತಿ ವ್ಯಾಪ್ತಿಯ ೧೪ ಸರ್ಕಾರಿ ಶಾಲೆಗಳ ಮಕ್ಕಳಿಗೆ ಲೇಖನ ಸಾಮಗ್ರಿಗಳನ್ನು ವಿತರಿಸಲಾಯಿತು. ಸಂಘದ ಸದಸ್ಯ ಟಿ.ಕೆ. ನಾಗೇಶ್ ಮಾತನಾಡಿದರು.
ಚಿಂತಾಮಣಿಯ ರಾಮಿಲ್ ಶಾಲೆಯಲ್ಲಿ ನಾಡಪ್ರಭು ಕೆಂಪೇಗೌಡರ ಜಯಂತಿ ಪ್ರಯುಕ್ತ ಕೆಂಪೇಗೌಡರ ಭಾವಚಿತ್ರಕ್ಕೆ ಆಡಳಿತ ಮಂಡಳಿಯ ಸದಸ್ಯರು, ಶಿಕ್ಷಕರು, ಶಿಕ್ಷಕಿಯರು ಪುಷ್ಪನಮನ ಸಲ್ಲಿಸಿದರು. ಸಂಸ್ಥೆಯ ಅಧ್ಯಕ್ಷ ಕೆ. ರಾಮಕೃಷ್ಣ ಮಾತನಾಡಿದರು. ಕಾರ್ಯದರ್ಶಿ ಪ್ರೇಮಲತ, ಕೆ.ಆರ್. ಕಾರ್ತೀಕ್, ನಿಹಾರಿಕಾ, ಶಿಕ್ಷಕರು ಹಾಜರಿದ್ದರು.
ಆಕಾಶವಾಣಿ
೨-೭-೨೦೨೪	ಮಂಗಳವಾರ

ಬೆಳಿಗ್ಗೆ ೬-೦೫ ಚಿಂತನ, ೬-೧೫ ಕೃಷಿರಂಗ ಯುವವಾಣಿ ಕರ್ನಾಟಕ, ೬-೪೫ ಹೆಲ್ತ್ ಸುಧಾ, ೭-೦೫ ಭಾವಗೀತೆ, ೭-೪೫ ಚಿತ್ರಗೀತೆಗಳು, ೮-೩೦ ಶಾಸ್ತ್ರೀಯ ಸಂಗೀತ, ೯-೦೫ ಚಿತ್ರಗೀತೆ, ೯-೪೫ ಪಡ್ಡಧ್ವನಿ ಸೆ ಬೆಹತರ್ ಜೀವನ್, ೧೦-೧೦ ಆಕಾಶಗಂಗೆ, ೧೧-೧೦ ಯಾದೋಂಕಿ ಬಾರಾತ್, ೧೧-೩೦ ಉಮಂಗ್.

ಮಧ್ಯಾಹ್ನ ೧೨-೧೫ ವನಿತಾ ವಿಹಾರ, ೧೨-೩೦ ಆರೋಗ್ಯ ಸಂಜೀವಿನಿ ಹೃದಯಾಘಾತ ಬಗ್ಗೆ ಮಂಜುನಾಥ್, ಸಂಧಿವಾತ ಬಗ್ಗೆ ಪ್ರವೀಣ್ ಛಬ್ಬಿ, ೧-೦೦ ಚಿತ್ರಗೀತೆ, ೧-೨೦ ರಂಗಸ್ವಾಮಯ್ಯರಿಂದ ಕೋಲಾಟದ ಪದ, ೧-೩೦ ಕಿರಣ್ ಅಗರವಾಲ್‌ರಿಂದ ಹಿಂದಿಪಾಠ, ೧-೪೫ ಭಾವಗೀತೆ, ೨-೦೦ ವಾರ್ತಾ ಸಂಚಿ, ೨-೪೦ ಕನ್ನಡ ಚಿತ್ರಗೀತೆಗಳು.

ಸಂಜೆ ೫-೩೦ ಭಾವಗೀತೆ, ೬-೦೦ ವಾರ್ತಾ ಸಂಚಿ, ೬-೧೫ ಚಿತ್ರಗೀತೆ, ೭-೦೫ ಕನ್ನಡ ವಾರ್ತೆಗಳು, ೭-೩೦ ಚಿಂತನ, ೮-೦೦ ಭಾವಗೀತೆ, ೯-೦೦ ವಾರ್ತೆಗಳು, ೯-೩೦ ಸ್ಯಾಕ್ಸೋಫೋನ್ ವಾದನ.

ಕೋಲಾರ ಎಪಿಎಂಸಿ
ಮಾರುಕಟ್ಟೆ ಧಾರಣೆ
ದಿ. ೦೧-೭-೨೦೨೪ರಂದು ಪ್ರತಿ ಕ್ವಿಂಗೆ
ಹುರುಳಿಕಾಯಿ	6000-9000
ಬೀಟ್ ರೂಟ್	1500-3000
ಹಾಗಲಕಾಯಿ	1500-5400
ಸೋರೆಕಾಯಿ	600-1000
ಬದನೆಕಾಯಿ	2000-4000
ಎಲೆಕೋಸು	1000-2200
ದಪ್ಪ ಮೆಣಕಾಯಿ	1500-4000
ಕ್ಯಾರೆಟ್	2000-4500
ಹೂಕೋಸು	1000-1500
ಚಪ್ಪರದವರೆ	4000-6000
ಬಜ್ಜಿ ಮೆಣಕಾಯಿ	2500-3500
ಸೌತೆಕಾಯಿ	600- 700
ಹಸಿಮೆಣಕಾಯಿ	3000-6000
ಹಸಿಶುಂಠಿ	6000-10000
ನವಿಲುಕೋಸು	2500-4000
ಆಲೂಗಡ್ಡೆ	1500-2500
ಮೂಲಂಗಿ	1000-1500
ಹೀರೇಕಾಯಿ	2000-3000
ತೊಂಡೆಕಾಯಿ	1000-2000
ಟೊಮಾಟೋ	2000-4260
ಆವಕ 23733 ಕ್ವಿಂಟಾಲ್
